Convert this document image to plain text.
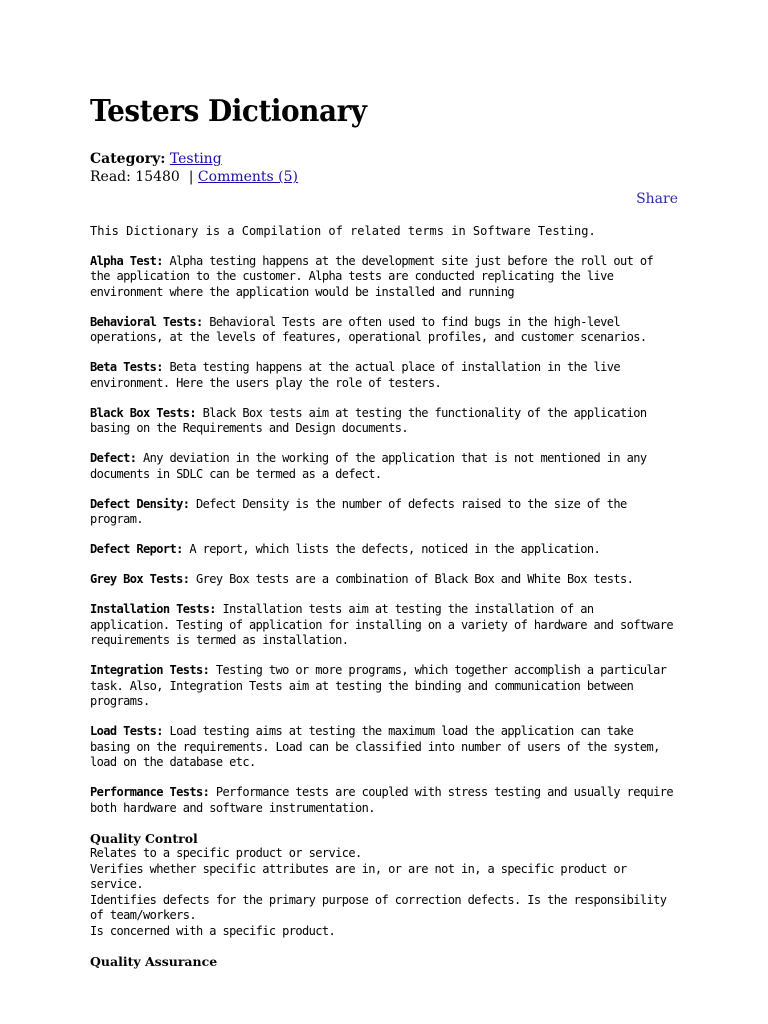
Testers Dictionary
Category: Testing
Read: 15480 | Comments (5)
Share

This Dictionary is a Compilation of related terms in Software Testing.

Alpha Test: Alpha testing happens at the development site just before the roll out of the application to the customer. Alpha tests are conducted replicating the live environment where the application would be installed and running

Behavioral Tests: Behavioral Tests are often used to find bugs in the high-level operations, at the levels of features, operational profiles, and customer scenarios.

Beta Tests: Beta testing happens at the actual place of installation in the live environment. Here the users play the role of testers.

Black Box Tests: Black Box tests aim at testing the functionality of the application basing on the Requirements and Design documents.

Defect: Any deviation in the working of the application that is not mentioned in any documents in SDLC can be termed as a defect.

Defect Density: Defect Density is the number of defects raised to the size of the program.

Defect Report: A report, which lists the defects, noticed in the application.

Grey Box Tests: Grey Box tests are a combination of Black Box and White Box tests.

Installation Tests: Installation tests aim at testing the installation of an application. Testing of application for installing on a variety of hardware and software requirements is termed as installation.

Integration Tests: Testing two or more programs, which together accomplish a particular task. Also, Integration Tests aim at testing the binding and communication between programs.

Load Tests: Load testing aims at testing the maximum load the application can take basing on the requirements. Load can be classified into number of users of the system, load on the database etc.

Performance Tests: Performance tests are coupled with stress testing and usually require both hardware and software instrumentation.

Quality Control
Relates to a specific product or service.
Verifies whether specific attributes are in, or are not in, a specific product or service.
Identifies defects for the primary purpose of correction defects. Is the responsibility of team/workers.
Is concerned with a specific product.
Quality Assurance
